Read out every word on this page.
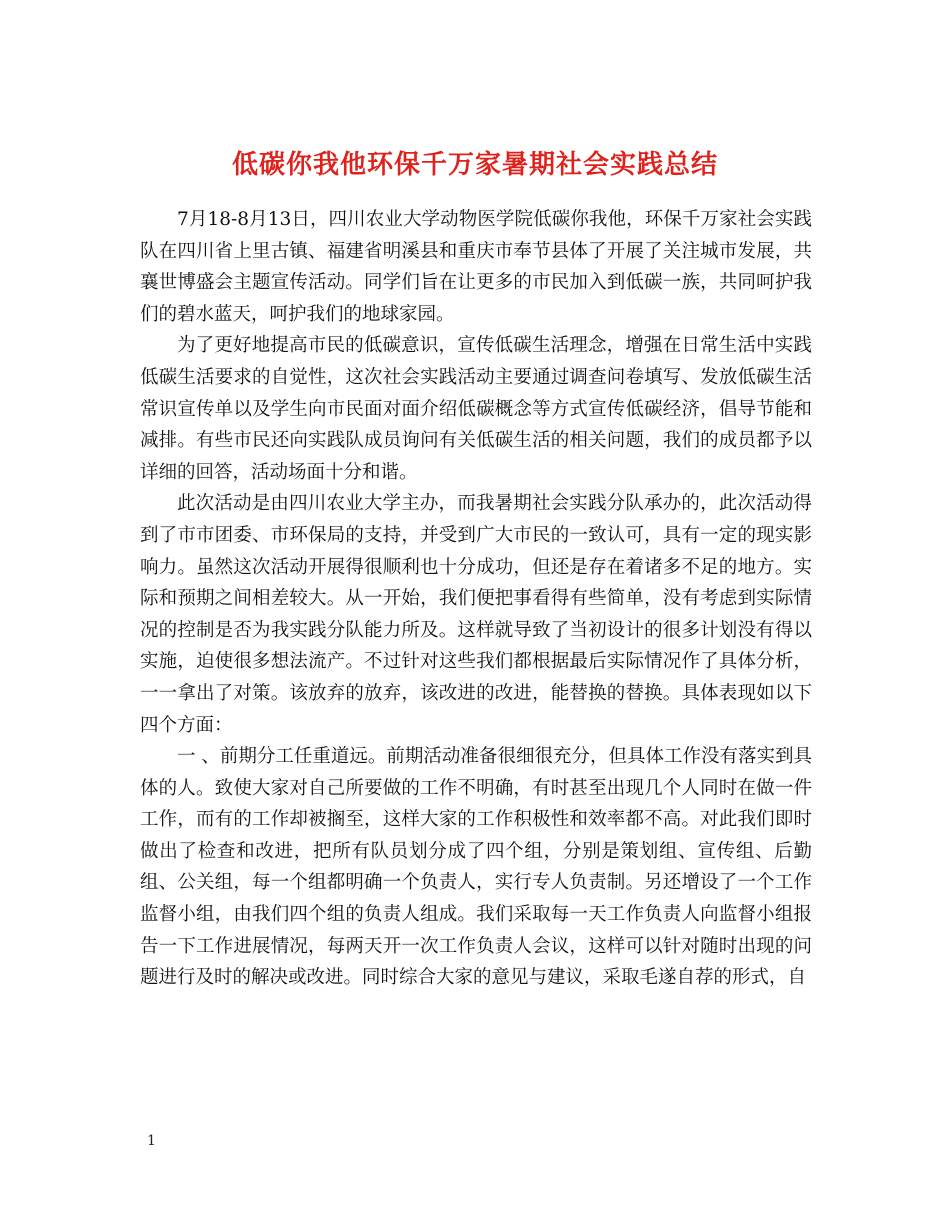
低碳你我他环保千万家暑期社会实践总结

7月18-8月13日，四川农业大学动物医学院低碳你我他，环保千万家社会实践队在四川省上里古镇、福建省明溪县和重庆市奉节县体了开展了关注城市发展，共襄世博盛会主题宣传活动。同学们旨在让更多的市民加入到低碳一族，共同呵护我们的碧水蓝天，呵护我们的地球家园。

为了更好地提高市民的低碳意识，宣传低碳生活理念，增强在日常生活中实践低碳生活要求的自觉性，这次社会实践活动主要通过调查问卷填写、发放低碳生活常识宣传单以及学生向市民面对面介绍低碳概念等方式宣传低碳经济，倡导节能和减排。有些市民还向实践队成员询问有关低碳生活的相关问题，我们的成员都予以详细的回答，活动场面十分和谐。

此次活动是由四川农业大学主办，而我暑期社会实践分队承办的，此次活动得到了市市团委、市环保局的支持，并受到广大市民的一致认可，具有一定的现实影响力。虽然这次活动开展得很顺利也十分成功，但还是存在着诸多不足的地方。实际和预期之间相差较大。从一开始，我们便把事看得有些简单，没有考虑到实际情况的控制是否为我实践分队能力所及。这样就导致了当初设计的很多计划没有得以实施，迫使很多想法流产。不过针对这些我们都根据最后实际情况作了具体分析，一一拿出了对策。该放弃的放弃，该改进的改进，能替换的替换。具体表现如以下四个方面：

一 、前期分工任重道远。前期活动准备很细很充分，但具体工作没有落实到具体的人。致使大家对自己所要做的工作不明确，有时甚至出现几个人同时在做一件工作，而有的工作却被搁至，这样大家的工作积极性和效率都不高。对此我们即时做出了检查和改进，把所有队员划分成了四个组，分别是策划组、宣传组、后勤组、公关组，每一个组都明确一个负责人，实行专人负责制。另还增设了一个工作监督小组，由我们四个组的负责人组成。我们采取每一天工作负责人向监督小组报告一下工作进展情况，每两天开一次工作负责人会议，这样可以针对随时出现的问题进行及时的解决或改进。同时综合大家的意见与建议，采取毛遂自荐的形式，自

1
